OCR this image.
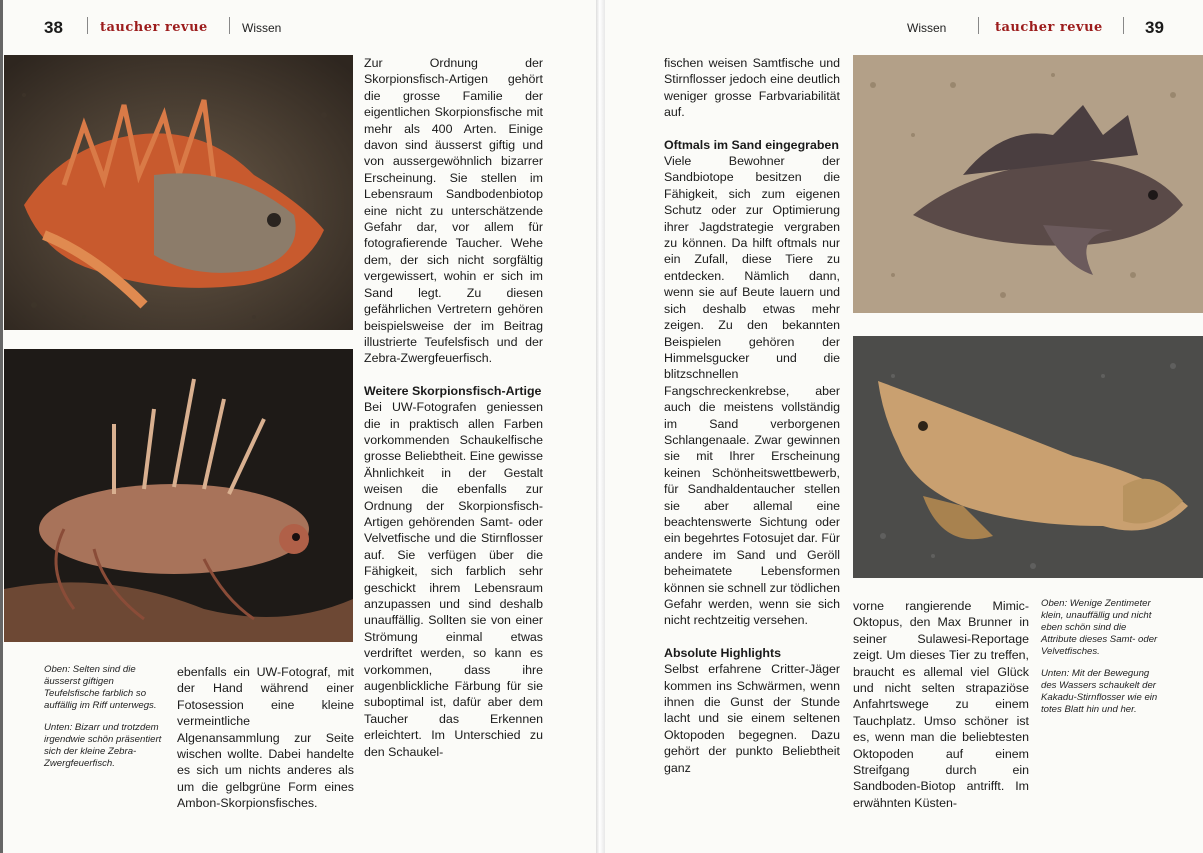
38	taucher revue	Wissen	Wissen	taucher revue 39

Oben: Selten sind die äusserst giftigen Teufelsfische farblich so auffällig im Riff unterwegs.

Unten: Bizarr und trotzdem irgendwie schön präsentiert sich der kleine Zebra-Zwergfeuerfisch.

ebenfalls ein UW-Fotograf, mit der Hand während einer Fotosession eine kleine vermeintliche Algenansammlung zur Seite wischen wollte. Dabei handelte es sich um nichts anderes als um die gelbgrüne Form eines Ambon-Skorpionsfisches.

Zur Ordnung der Skorpionsfisch-Artigen gehört die grosse Familie der eigentlichen Skorpionsfische mit mehr als 400 Arten. Einige davon sind äusserst giftig und von aussergewöhnlich bizarrer Erscheinung. Sie stellen im Lebensraum Sandbodenbiotop eine nicht zu unterschätzende Gefahr dar, vor allem für fotografierende Taucher. Wehe dem, der sich nicht sorgfältig vergewissert, wohin er sich im Sand legt. Zu diesen gefährlichen Vertretern gehören beispielsweise der im Beitrag illustrierte Teufelsfisch und der Zebra-Zwergfeuerfisch.

Weitere Skorpionsfisch-Artige

Bei UW-Fotografen geniessen die in praktisch allen Farben vorkommenden Schaukelfische grosse Beliebtheit. Eine gewisse Ähnlichkeit in der Gestalt weisen die ebenfalls zur Ordnung der Skorpionsfisch-Artigen gehörenden Samt- oder Velvetfische und die Stirnflosser auf. Sie verfügen über die Fähigkeit, sich farblich sehr geschickt ihrem Lebensraum anzupassen und sind deshalb unauffällig. Sollten sie von einer Strömung einmal etwas verdriftet werden, so kann es vorkommen, dass ihre augenblickliche Färbung für sie suboptimal ist, dafür aber dem Taucher das Erkennen erleichtert. Im Unterschied zu den Schaukel-

fischen weisen Samtfische und Stirnflosser jedoch eine deutlich weniger grosse Farbvariabilität auf.

Oftmals im Sand eingegraben

Viele Bewohner der Sandbiotope besitzen die Fähigkeit, sich zum eigenen Schutz oder zur Optimierung ihrer Jagdstrategie vergraben zu können. Da hilft oftmals nur ein Zufall, diese Tiere zu entdecken. Nämlich dann, wenn sie auf Beute lauern und sich deshalb etwas mehr zeigen. Zu den bekannten Beispielen gehören der Himmelsgucker und die blitzschnellen Fangschreckenkrebse, aber auch die meistens vollständig im Sand verborgenen Schlangenaale. Zwar gewinnen sie mit Ihrer Erscheinung keinen Schönheitswettbewerb, für Sandhaldentaucher stellen sie aber allemal eine beachtenswerte Sichtung oder ein begehrtes Fotosujet dar. Für andere im Sand und Geröll beheimatete Lebensformen können sie schnell zur tödlichen Gefahr werden, wenn sie sich nicht rechtzeitig versehen.

Absolute Highlights

Selbst erfahrene Critter-Jäger kommen ins Schwärmen, wenn ihnen die Gunst der Stunde lacht und sie einem seltenen Oktopoden begegnen. Dazu gehört der punkto Beliebtheit ganz

vorne rangierende Mimic-Oktopus, den Max Brunner in seiner Sulawesi-Reportage zeigt. Um dieses Tier zu treffen, braucht es allemal viel Glück und nicht selten strapaziöse Anfahrtswege zu einem Tauchplatz. Umso schöner ist es, wenn man die beliebtesten Oktopoden auf einem Streifgang durch ein Sandboden-Biotop antrifft. Im erwähnten Küsten-

Oben: Wenige Zentimeter klein, unauffällig und nicht eben schön sind die Attribute dieses Samt- oder Velvetfisches.

Unten: Mit der Bewegung des Wassers schaukelt der Kakadu-Stirnflosser wie ein totes Blatt hin und her.
